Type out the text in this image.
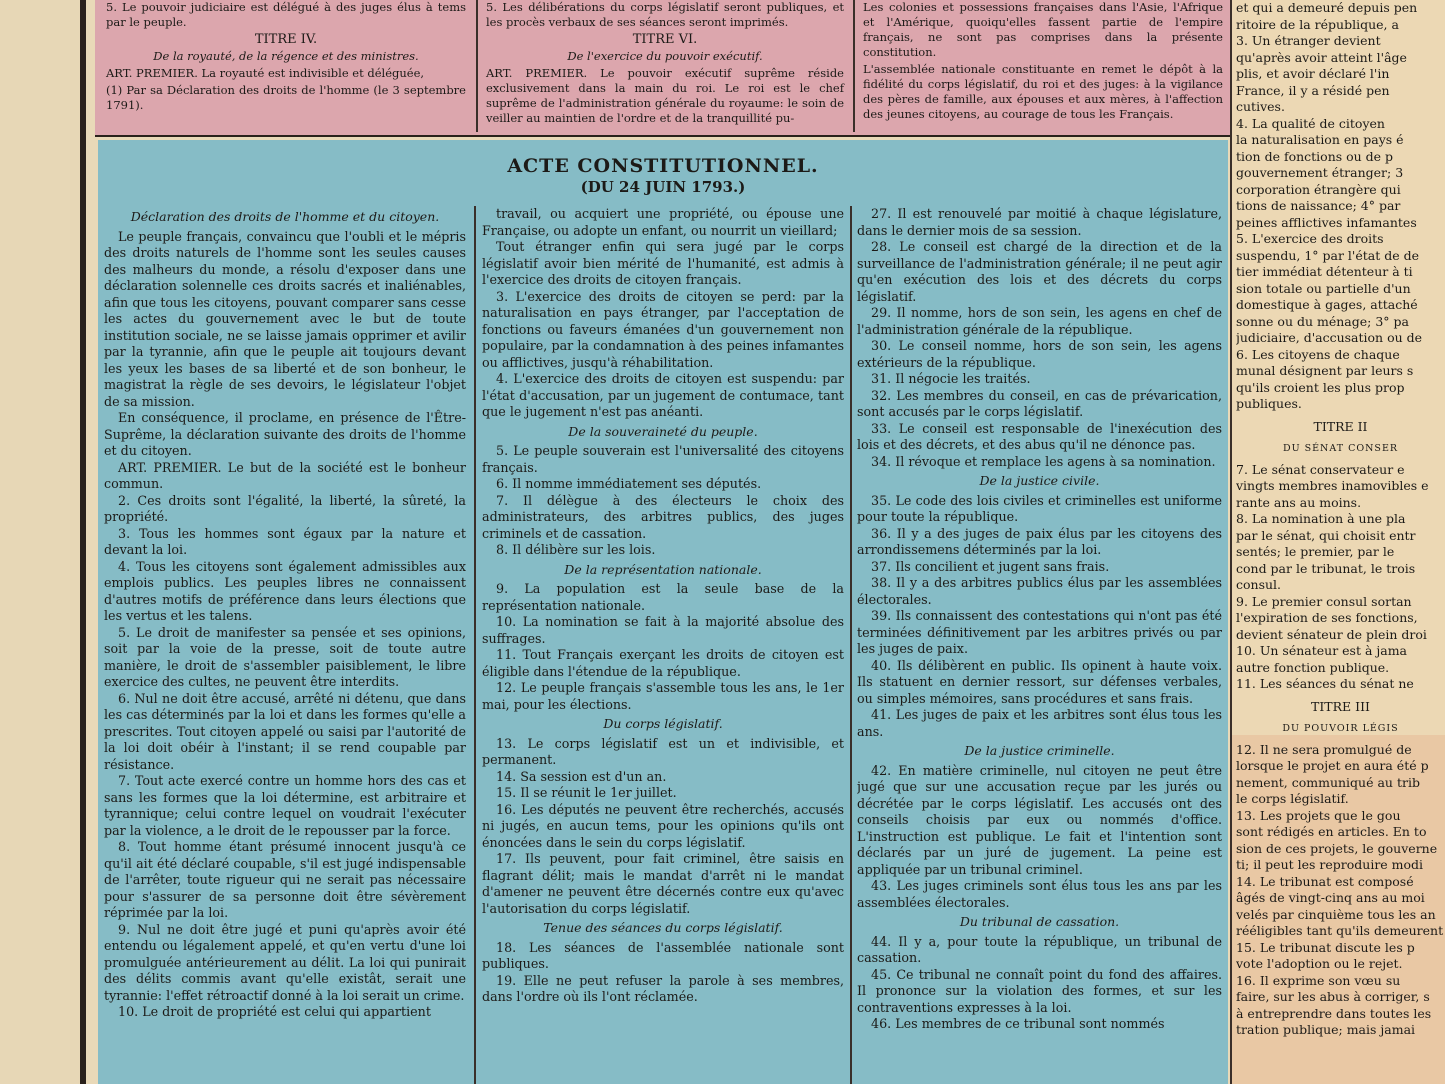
5. Le pouvoir judiciaire est délégué à des juges élus à tems par le peuple.

TITRE IV.

De la royauté, de la régence et des ministres.

ART. PREMIER. La royauté est indivisible et déléguée,

(1) Par sa Déclaration des droits de l'homme (le 3 septembre 1791).

5. Les délibérations du corps législatif seront publiques, et les procès verbaux de ses séances seront imprimés.

TITRE VI.

De l'exercice du pouvoir exécutif.

ART. PREMIER. Le pouvoir exécutif suprême réside exclusivement dans la main du roi. Le roi est le chef suprême de l'administration générale du royaume: le soin de veiller au maintien de l'ordre et de la tranquillité pu-

Les colonies et possessions françaises dans l'Asie, l'Afrique et l'Amérique, quoiqu'elles fassent partie de l'empire français, ne sont pas comprises dans la présente constitution.

L'assemblée nationale constituante en remet le dépôt à la fidélité du corps législatif, du roi et des juges: à la vigilance des pères de famille, aux épouses et aux mères, à l'affection des jeunes citoyens, au courage de tous les Français.

ACTE CONSTITUTIONNEL.
(DU 24 JUIN 1793.)

Déclaration des droits de l'homme et du citoyen.

Le peuple français, convaincu que l'oubli et le mépris des droits naturels de l'homme sont les seules causes des malheurs du monde, a résolu d'exposer dans une déclaration solennelle ces droits sacrés et inaliénables, afin que tous les citoyens, pouvant comparer sans cesse les actes du gouvernement avec le but de toute institution sociale, ne se laisse jamais opprimer et avilir par la tyrannie, afin que le peuple ait toujours devant les yeux les bases de sa liberté et de son bonheur, le magistrat la règle de ses devoirs, le législateur l'objet de sa mission.

En conséquence, il proclame, en présence de l'Être-Suprême, la déclaration suivante des droits de l'homme et du citoyen.

ART. PREMIER. Le but de la société est le bonheur commun.

2. Ces droits sont l'égalité, la liberté, la sûreté, la propriété.

3. Tous les hommes sont égaux par la nature et devant la loi.

4. Tous les citoyens sont également admissibles aux emplois publics. Les peuples libres ne connaissent d'autres motifs de préférence dans leurs élections que les vertus et les talens.

5. Le droit de manifester sa pensée et ses opinions, soit par la voie de la presse, soit de toute autre manière, le droit de s'assembler paisiblement, le libre exercice des cultes, ne peuvent être interdits.

6. Nul ne doit être accusé, arrêté ni détenu, que dans les cas déterminés par la loi et dans les formes qu'elle a prescrites. Tout citoyen appelé ou saisi par l'autorité de la loi doit obéir à l'instant; il se rend coupable par résistance.

7. Tout acte exercé contre un homme hors des cas et sans les formes que la loi détermine, est arbitraire et tyrannique; celui contre lequel on voudrait l'exécuter par la violence, a le droit de le repousser par la force.

8. Tout homme étant présumé innocent jusqu'à ce qu'il ait été déclaré coupable, s'il est jugé indispensable de l'arrêter, toute rigueur qui ne serait pas nécessaire pour s'assurer de sa personne doit être sévèrement réprimée par la loi.

9. Nul ne doit être jugé et puni qu'après avoir été entendu ou légalement appelé, et qu'en vertu d'une loi promulguée antérieurement au délit. La loi qui punirait des délits commis avant qu'elle existât, serait une tyrannie: l'effet rétroactif donné à la loi serait un crime.

10. Le droit de propriété est celui qui appartient

travail, ou acquiert une propriété, ou épouse une Française, ou adopte un enfant, ou nourrit un vieillard;

Tout étranger enfin qui sera jugé par le corps législatif avoir bien mérité de l'humanité, est admis à l'exercice des droits de citoyen français.

3. L'exercice des droits de citoyen se perd: par la naturalisation en pays étranger, par l'acceptation de fonctions ou faveurs émanées d'un gouvernement non populaire, par la condamnation à des peines infamantes ou afflictives, jusqu'à réhabilitation.

4. L'exercice des droits de citoyen est suspendu: par l'état d'accusation, par un jugement de contumace, tant que le jugement n'est pas anéanti.

De la souveraineté du peuple.

5. Le peuple souverain est l'universalité des citoyens français.

6. Il nomme immédiatement ses députés.

7. Il délègue à des électeurs le choix des administrateurs, des arbitres publics, des juges criminels et de cassation.

8. Il délibère sur les lois.

De la représentation nationale.

9. La population est la seule base de la représentation nationale.

10. La nomination se fait à la majorité absolue des suffrages.

11. Tout Français exerçant les droits de citoyen est éligible dans l'étendue de la république.

12. Le peuple français s'assemble tous les ans, le 1er mai, pour les élections.

Du corps législatif.

13. Le corps législatif est un et indivisible, et permanent.

14. Sa session est d'un an.

15. Il se réunit le 1er juillet.

16. Les députés ne peuvent être recherchés, accusés ni jugés, en aucun tems, pour les opinions qu'ils ont énoncées dans le sein du corps législatif.

17. Ils peuvent, pour fait criminel, être saisis en flagrant délit; mais le mandat d'arrêt ni le mandat d'amener ne peuvent être décernés contre eux qu'avec l'autorisation du corps législatif.

Tenue des séances du corps législatif.

18. Les séances de l'assemblée nationale sont publiques.

19. Elle ne peut refuser la parole à ses membres, dans l'ordre où ils l'ont réclamée.

27. Il est renouvelé par moitié à chaque législature, dans le dernier mois de sa session.

28. Le conseil est chargé de la direction et de la surveillance de l'administration générale; il ne peut agir qu'en exécution des lois et des décrets du corps législatif.

29. Il nomme, hors de son sein, les agens en chef de l'administration générale de la république.

30. Le conseil nomme, hors de son sein, les agens extérieurs de la république.

31. Il négocie les traités.

32. Les membres du conseil, en cas de prévarication, sont accusés par le corps législatif.

33. Le conseil est responsable de l'inexécution des lois et des décrets, et des abus qu'il ne dénonce pas.

34. Il révoque et remplace les agens à sa nomination.

De la justice civile.

35. Le code des lois civiles et criminelles est uniforme pour toute la république.

36. Il y a des juges de paix élus par les citoyens des arrondissemens déterminés par la loi.

37. Ils concilient et jugent sans frais.

38. Il y a des arbitres publics élus par les assemblées électorales.

39. Ils connaissent des contestations qui n'ont pas été terminées définitivement par les arbitres privés ou par les juges de paix.

40. Ils délibèrent en public. Ils opinent à haute voix. Ils statuent en dernier ressort, sur défenses verbales, ou simples mémoires, sans procédures et sans frais.

41. Les juges de paix et les arbitres sont élus tous les ans.

De la justice criminelle.

42. En matière criminelle, nul citoyen ne peut être jugé que sur une accusation reçue par les jurés ou décrétée par le corps législatif. Les accusés ont des conseils choisis par eux ou nommés d'office. L'instruction est publique. Le fait et l'intention sont déclarés par un juré de jugement. La peine est appliquée par un tribunal criminel.

43. Les juges criminels sont élus tous les ans par les assemblées électorales.

Du tribunal de cassation.

44. Il y a, pour toute la république, un tribunal de cassation.

45. Ce tribunal ne connaît point du fond des affaires. Il prononce sur la violation des formes, et sur les contraventions expresses à la loi.

46. Les membres de ce tribunal sont nommés

et qui a demeuré depuis pen

ritoire de la république, a

3. Un étranger devient

qu'après avoir atteint l'âge

plis, et avoir déclaré l'in

France, il y a résidé pen

cutives.

4. La qualité de citoyen

la naturalisation en pays é

tion de fonctions ou de p

gouvernement étranger; 3

corporation étrangère qui

tions de naissance; 4° par

peines afflictives infamantes

5. L'exercice des droits

suspendu, 1° par l'état de de

tier immédiat détenteur à ti

sion totale ou partielle d'un

domestique à gages, attaché

sonne ou du ménage; 3° pa

judiciaire, d'accusation ou de

6. Les citoyens de chaque

munal désignent par leurs s

qu'ils croient les plus prop

publiques.

TITRE II

DU SÉNAT CONSER

7. Le sénat conservateur e

vingts membres inamovibles e

rante ans au moins.

8. La nomination à une pla

par le sénat, qui choisit entr

sentés; le premier, par le

cond par le tribunat, le trois

consul.

9. Le premier consul sortan

l'expiration de ses fonctions,

devient sénateur de plein droi

10. Un sénateur est à jama

autre fonction publique.

11. Les séances du sénat ne

TITRE III

DU POUVOIR LÉGIS

12. Il ne sera promulgué de

lorsque le projet en aura été p

nement, communiqué au trib

le corps législatif.

13. Les projets que le gou

sont rédigés en articles. En to

sion de ces projets, le gouverne

ti; il peut les reproduire modi

14. Le tribunat est composé

âgés de vingt-cinq ans au moi

velés par cinquième tous les an

rééligibles tant qu'ils demeurent

15. Le tribunat discute les p

vote l'adoption ou le rejet.

16. Il exprime son vœu su

faire, sur les abus à corriger, s

à entreprendre dans toutes les

tration publique; mais jamai
